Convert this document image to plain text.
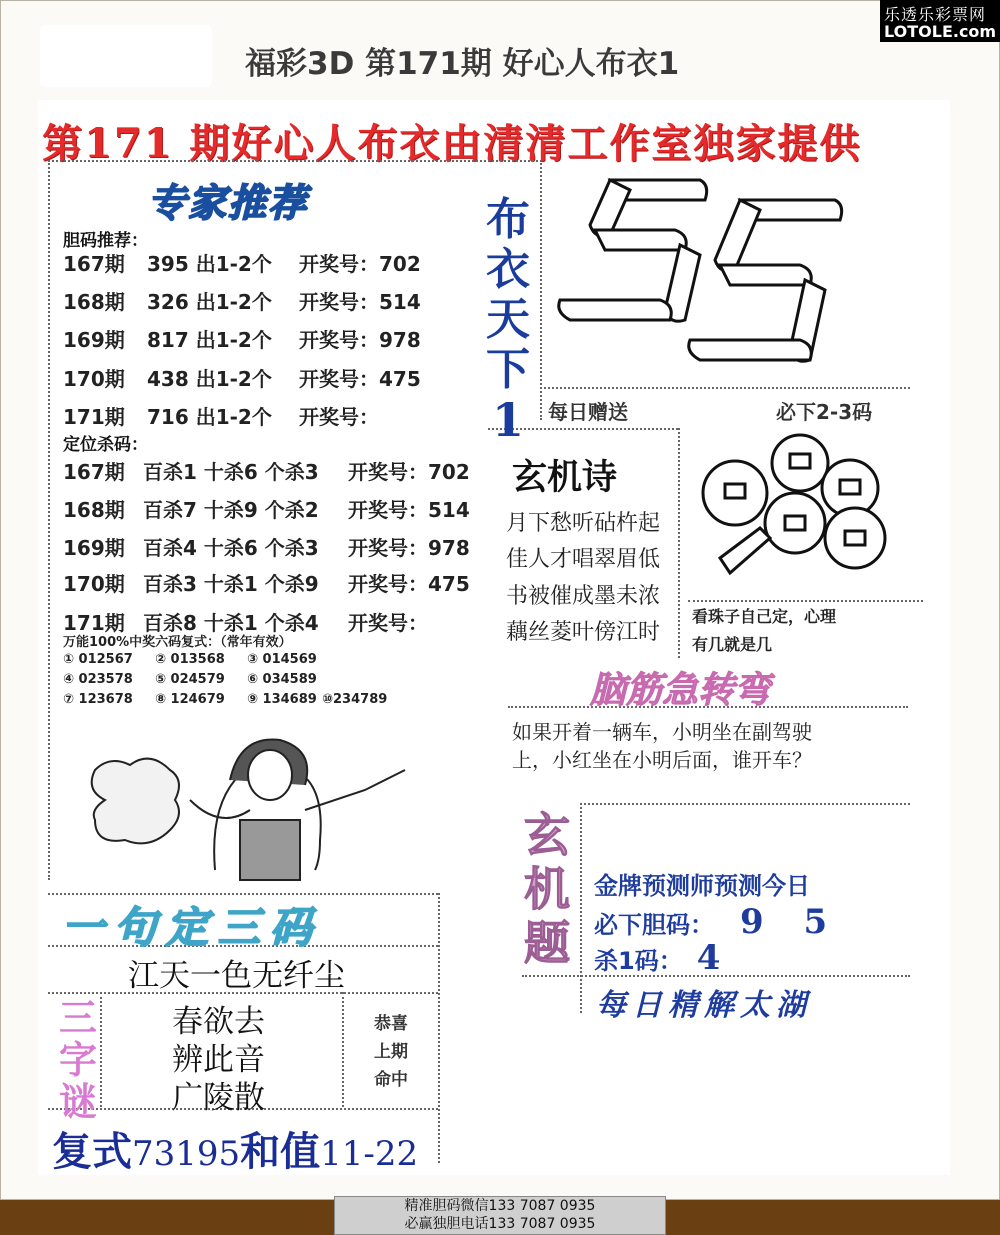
福彩3D 第171期 好心人布衣1
乐透乐彩票网
LOTOLE.com
第171 期好心人布衣由清清工作室独家提供
专家推荐
胆码推荐：
167期 395 出1-2个 开奖号：702
168期 326 出1-2个 开奖号：514
169期 817 出1-2个 开奖号：978
170期 438 出1-2个 开奖号：475
171期 716 出1-2个 开奖号：
定位杀码：
167期 百杀1 十杀6 个杀3 开奖号：702
168期 百杀7 十杀9 个杀2 开奖号：514
169期 百杀4 十杀6 个杀3 开奖号：978
170期 百杀3 十杀1 个杀9 开奖号：475
171期 百杀8 十杀1 个杀4 开奖号：
万能100%中奖六码复式：（常年有效）
① 012567 ② 013568 ③ 014569
④ 023578 ⑤ 024579 ⑥ 034589
⑦ 123678 ⑧ 124679 ⑨ 134689 ⑩234789
布
衣
天
下
1	每日赠送	必下2-3码
玄机诗
月下愁听砧杵起
佳人才唱翠眉低
书被催成墨未浓
藕丝菱叶傍江时
看珠子自己定，心理
有几就是几
脑筋急转弯
如果开着一辆车，小明坐在副驾驶
上，小红坐在小明后面，谁开车？
玄
机
题
金牌预测师预测今日
必下胆码： 9 5
杀1码： 4
每日精解太湖
一句定三码
江天一色无纤尘
三
字
谜
春欲去
辨此音
广陵散
恭喜
上期
命中
复式73195和值11-22
精准胆码微信133 7087 0935
必赢独胆电话133 7087 0935
